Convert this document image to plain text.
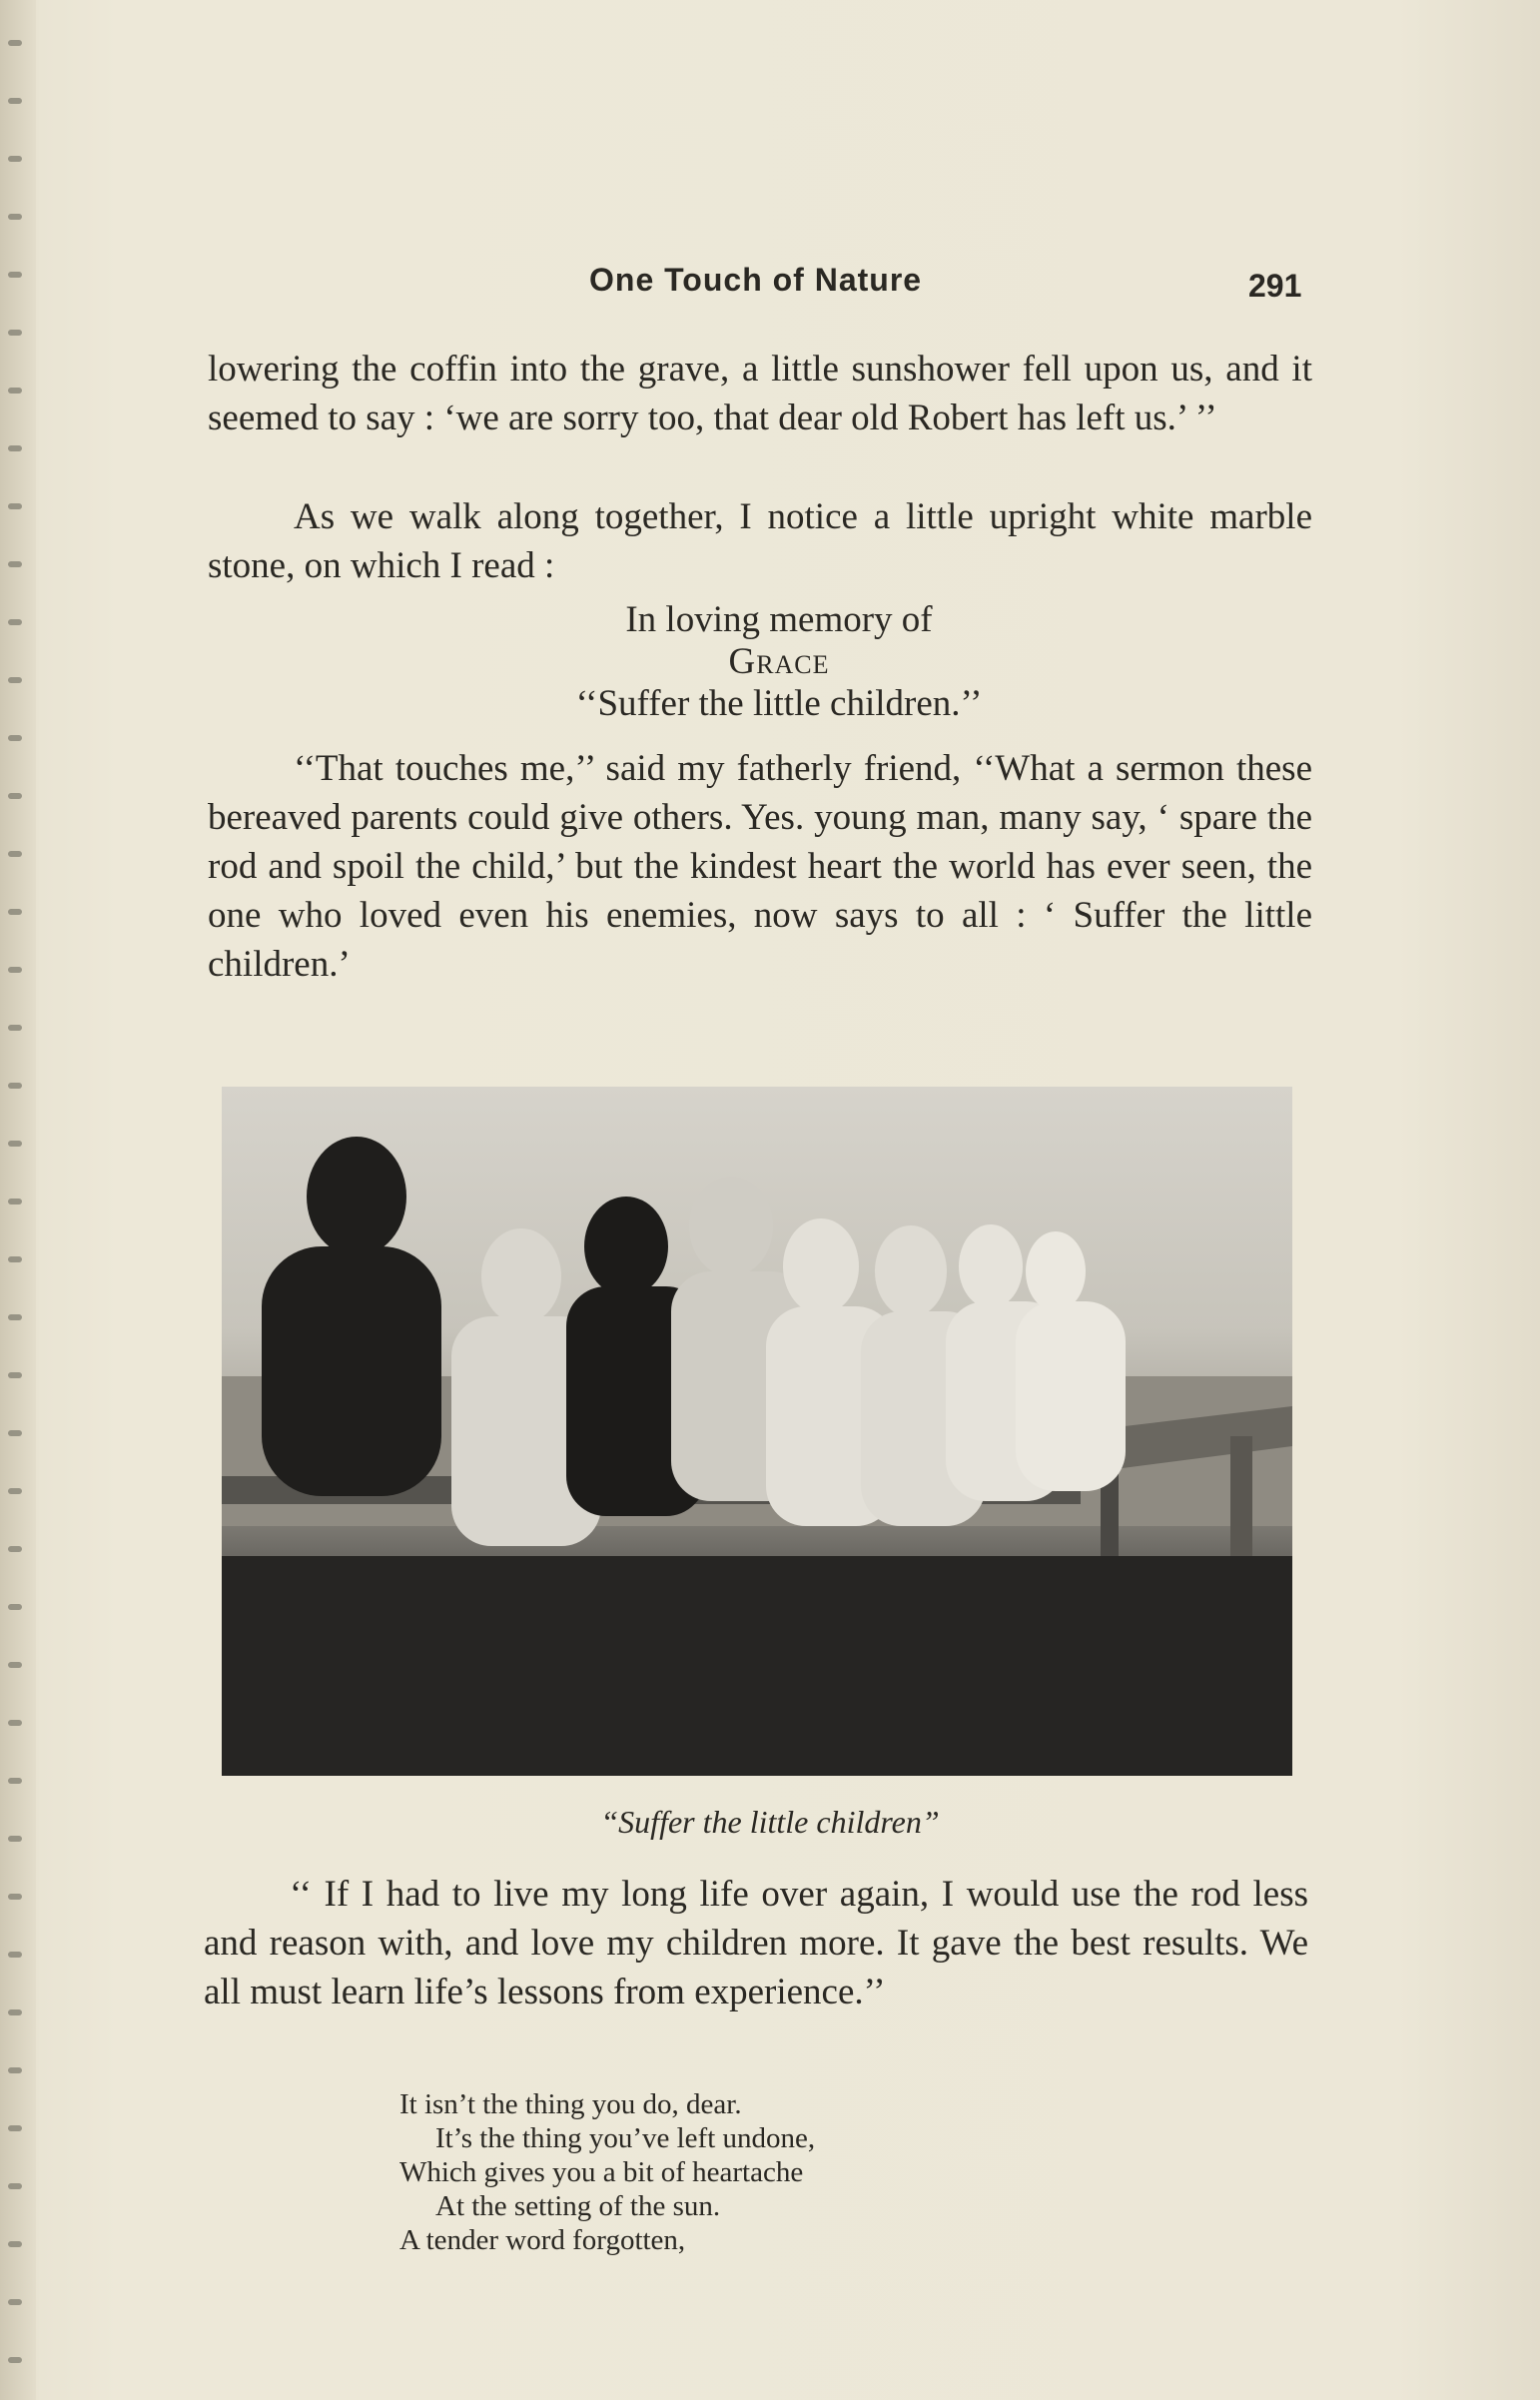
One Touch of Nature	291
lowering the coffin into the grave, a little sunshower fell upon us, and it seemed to say : ‘we are sorry too, that dear old Robert has left us.’ ’’
As we walk along together, I notice a little upright white marble stone, on which I read :
In loving memory of
Grace
‘‘Suffer the little children.’’
‘‘That touches me,’’ said my fatherly friend, ‘‘What a sermon these bereaved parents could give others. Yes. young man, many say, ‘ spare the rod and spoil the child,’ but the kindest heart the world has ever seen, the one who loved even his enemies, now says to all : ‘ Suffer the little children.’
“Suffer the little children”
‘‘ If I had to live my long life over again, I would use the rod less and reason with, and love my children more. It gave the best results. We all must learn life’s lessons from experience.’’
It isn’t the thing you do, dear.
It’s the thing you’ve left undone,
Which gives you a bit of heartache
At the setting of the sun.
A tender word forgotten,
